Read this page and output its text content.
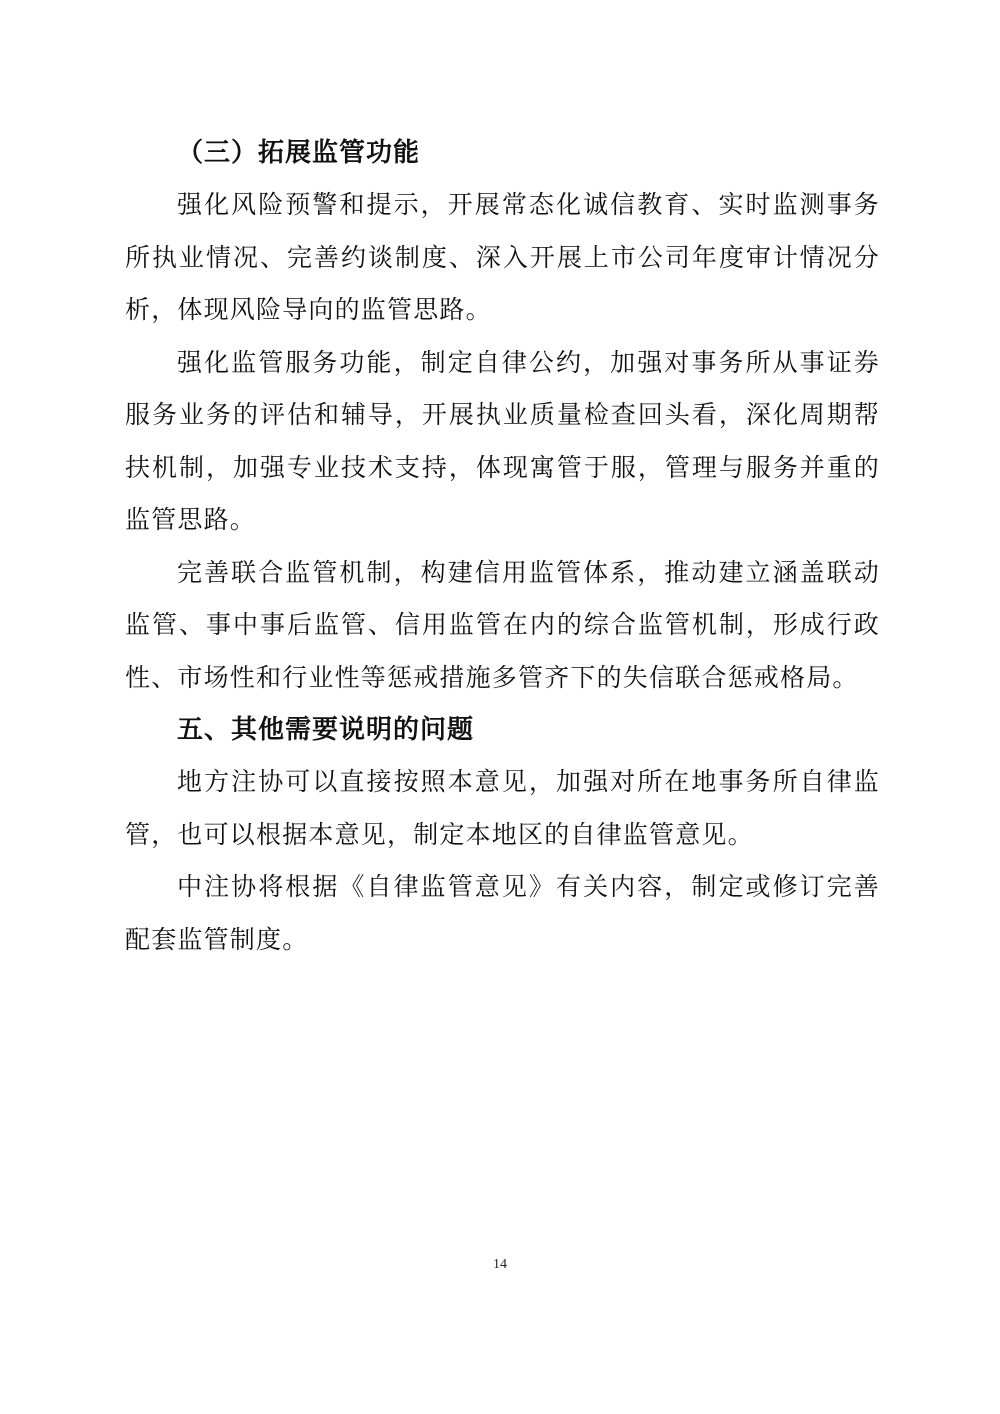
（三）拓展监管功能

强化风险预警和提示，开展常态化诚信教育、实时监测事务所执业情况、完善约谈制度、深入开展上市公司年度审计情况分析，体现风险导向的监管思路。

强化监管服务功能，制定自律公约，加强对事务所从事证券服务业务的评估和辅导，开展执业质量检查回头看，深化周期帮扶机制，加强专业技术支持，体现寓管于服，管理与服务并重的监管思路。

完善联合监管机制，构建信用监管体系，推动建立涵盖联动监管、事中事后监管、信用监管在内的综合监管机制，形成行政性、市场性和行业性等惩戒措施多管齐下的失信联合惩戒格局。

五、其他需要说明的问题

地方注协可以直接按照本意见，加强对所在地事务所自律监管，也可以根据本意见，制定本地区的自律监管意见。

中注协将根据《自律监管意见》有关内容，制定或修订完善配套监管制度。

14
